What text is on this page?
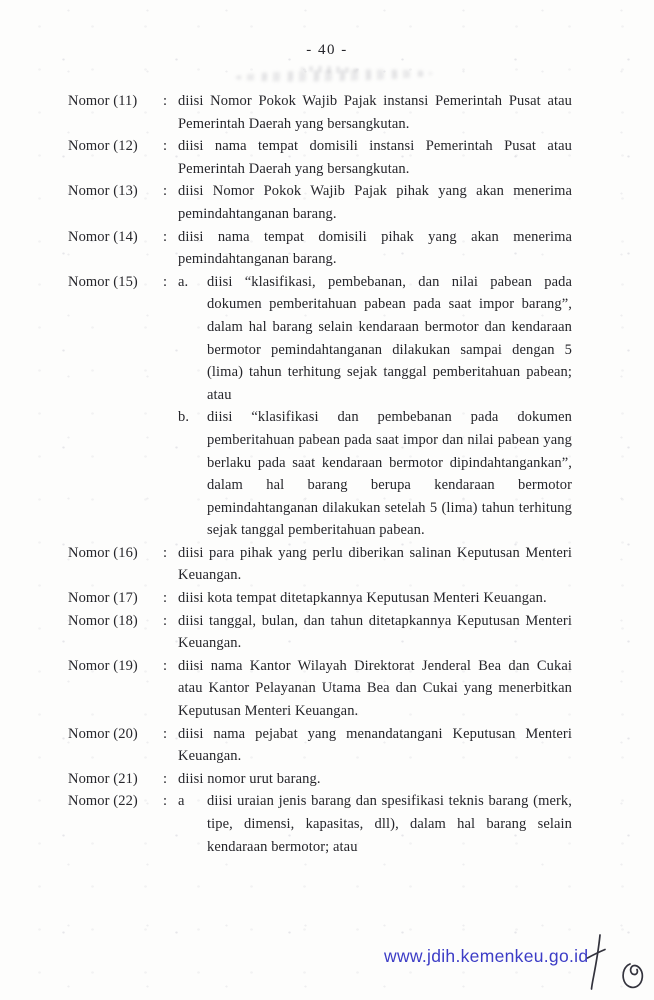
- 40 -
Nomor (11)	: diisi Nomor Pokok Wajib Pajak instansi Pemerintah Pusat atau Pemerintah Daerah yang bersangkutan.
Nomor (12)	: diisi nama tempat domisili instansi Pemerintah Pusat atau Pemerintah Daerah yang bersangkutan.
Nomor (13)	: diisi Nomor Pokok Wajib Pajak pihak yang akan menerima pemindahtanganan barang.
Nomor (14)	: diisi nama tempat domisili pihak yang akan menerima pemindahtanganan barang.
Nomor (15)	: a.	diisi “klasifikasi, pembebanan, dan nilai pabean pada dokumen pemberitahuan pabean pada saat impor barang”, dalam hal barang selain kendaraan bermotor dan kendaraan bermotor pemindahtanganan dilakukan sampai dengan 5 (lima) tahun terhitung sejak tanggal pemberitahuan pabean; atau
b.	diisi “klasifikasi dan pembebanan pada dokumen pemberitahuan pabean pada saat impor dan nilai pabean yang berlaku pada saat kendaraan bermotor dipindahtangankan”, dalam hal barang berupa kendaraan bermotor pemindahtanganan dilakukan setelah 5 (lima) tahun terhitung sejak tanggal pemberitahuan pabean.
Nomor (16)	: diisi para pihak yang perlu diberikan salinan Keputusan Menteri Keuangan.
Nomor (17)	: diisi kota tempat ditetapkannya Keputusan Menteri Keuangan.
Nomor (18)	: diisi tanggal, bulan, dan tahun ditetapkannya Keputusan Menteri Keuangan.
Nomor (19)	: diisi nama Kantor Wilayah Direktorat Jenderal Bea dan Cukai atau Kantor Pelayanan Utama Bea dan Cukai yang menerbitkan Keputusan Menteri Keuangan.
Nomor (20)	: diisi nama pejabat yang menandatangani Keputusan Menteri Keuangan.
Nomor (21)	: diisi nomor urut barang.
Nomor (22)	: a	diisi uraian jenis barang dan spesifikasi teknis barang (merk, tipe, dimensi, kapasitas, dll), dalam hal barang selain kendaraan bermotor; atau
www.jdih.kemenkeu.go.id
